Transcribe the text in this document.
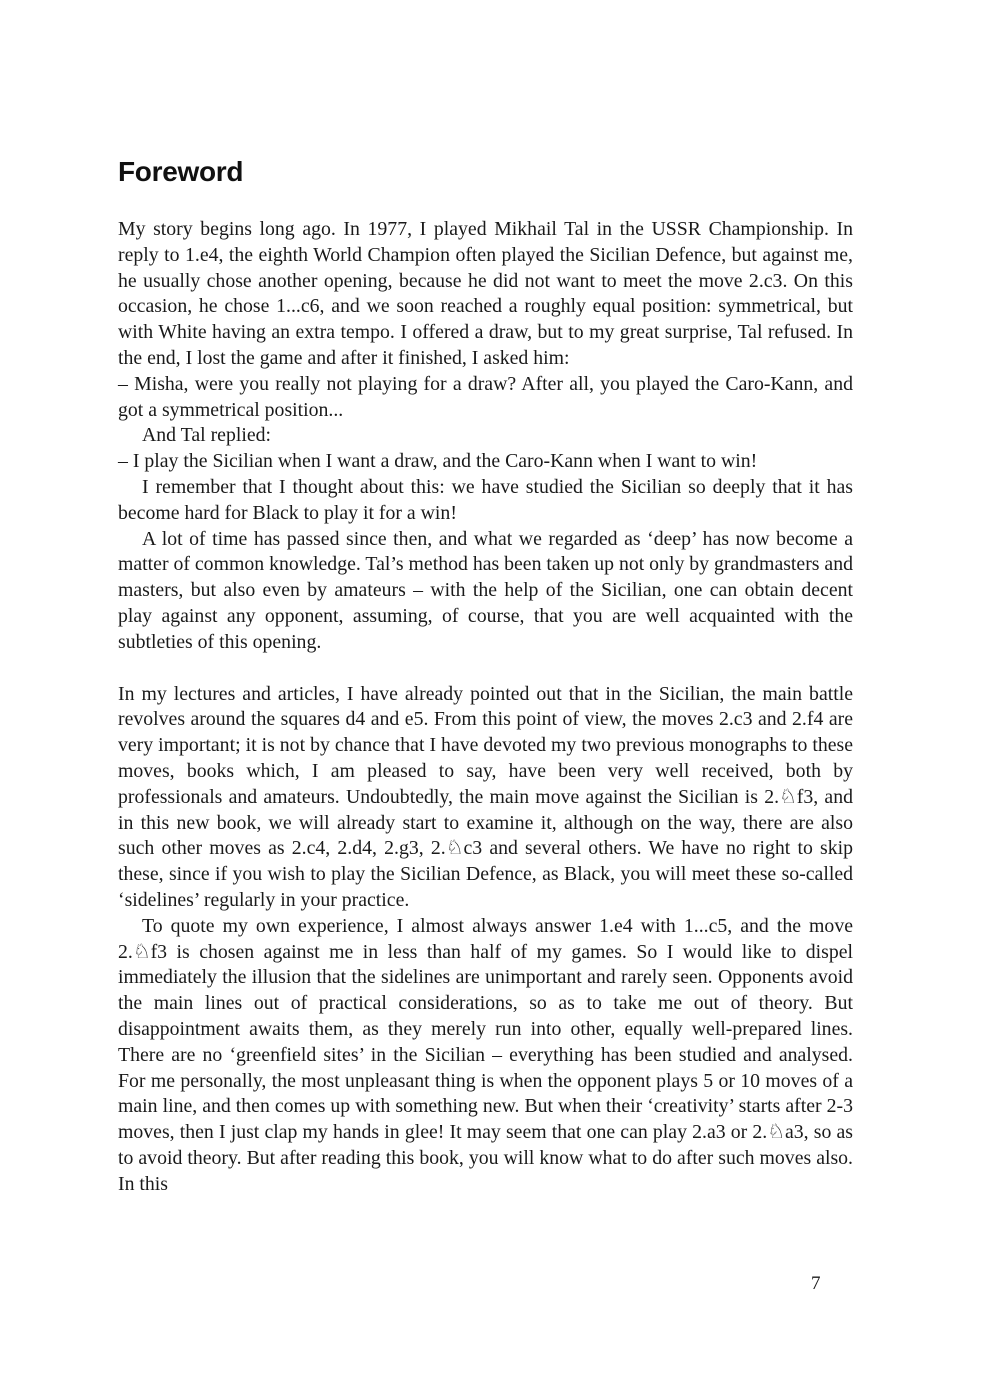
Foreword

My story begins long ago. In 1977, I played Mikhail Tal in the USSR Championship. In reply to 1.e4, the eighth World Champion often played the Sicilian Defence, but against me, he usually chose another opening, because he did not want to meet the move 2.c3. On this occasion, he chose 1...c6, and we soon reached a roughly equal position: symmetrical, but with White having an extra tempo. I offered a draw, but to my great surprise, Tal refused. In the end, I lost the game and after it finished, I asked him:

– Misha, were you really not playing for a draw? After all, you played the Caro-Kann, and got a symmetrical position...

And Tal replied:

– I play the Sicilian when I want a draw, and the Caro-Kann when I want to win!

I remember that I thought about this: we have studied the Sicilian so deeply that it has become hard for Black to play it for a win!

A lot of time has passed since then, and what we regarded as ‘deep’ has now become a matter of common knowledge. Tal’s method has been taken up not only by grandmasters and masters, but also even by amateurs – with the help of the Sicilian, one can obtain decent play against any opponent, assuming, of course, that you are well acquainted with the subtleties of this opening.

In my lectures and articles, I have already pointed out that in the Sicilian, the main battle revolves around the squares d4 and e5. From this point of view, the moves 2.c3 and 2.f4 are very important; it is not by chance that I have devoted my two previous monographs to these moves, books which, I am pleased to say, have been very well received, both by professionals and amateurs. Undoubtedly, the main move against the Sicilian is 2.♘f3, and in this new book, we will already start to examine it, although on the way, there are also such other moves as 2.c4, 2.d4, 2.g3, 2.♘c3 and several others. We have no right to skip these, since if you wish to play the Sicilian Defence, as Black, you will meet these so-called ‘sidelines’ regularly in your practice.

To quote my own experience, I almost always answer 1.e4 with 1...c5, and the move 2.♘f3 is chosen against me in less than half of my games. So I would like to dispel immediately the illusion that the sidelines are unimportant and rarely seen. Opponents avoid the main lines out of practical considerations, so as to take me out of theory. But disappointment awaits them, as they merely run into other, equally well-prepared lines. There are no ‘greenfield sites’ in the Sicilian – everything has been studied and analysed. For me personally, the most unpleasant thing is when the opponent plays 5 or 10 moves of a main line, and then comes up with something new. But when their ‘creativity’ starts after 2-3 moves, then I just clap my hands in glee! It may seem that one can play 2.a3 or 2.♘a3, so as to avoid theory. But after reading this book, you will know what to do after such moves also. In this

7
